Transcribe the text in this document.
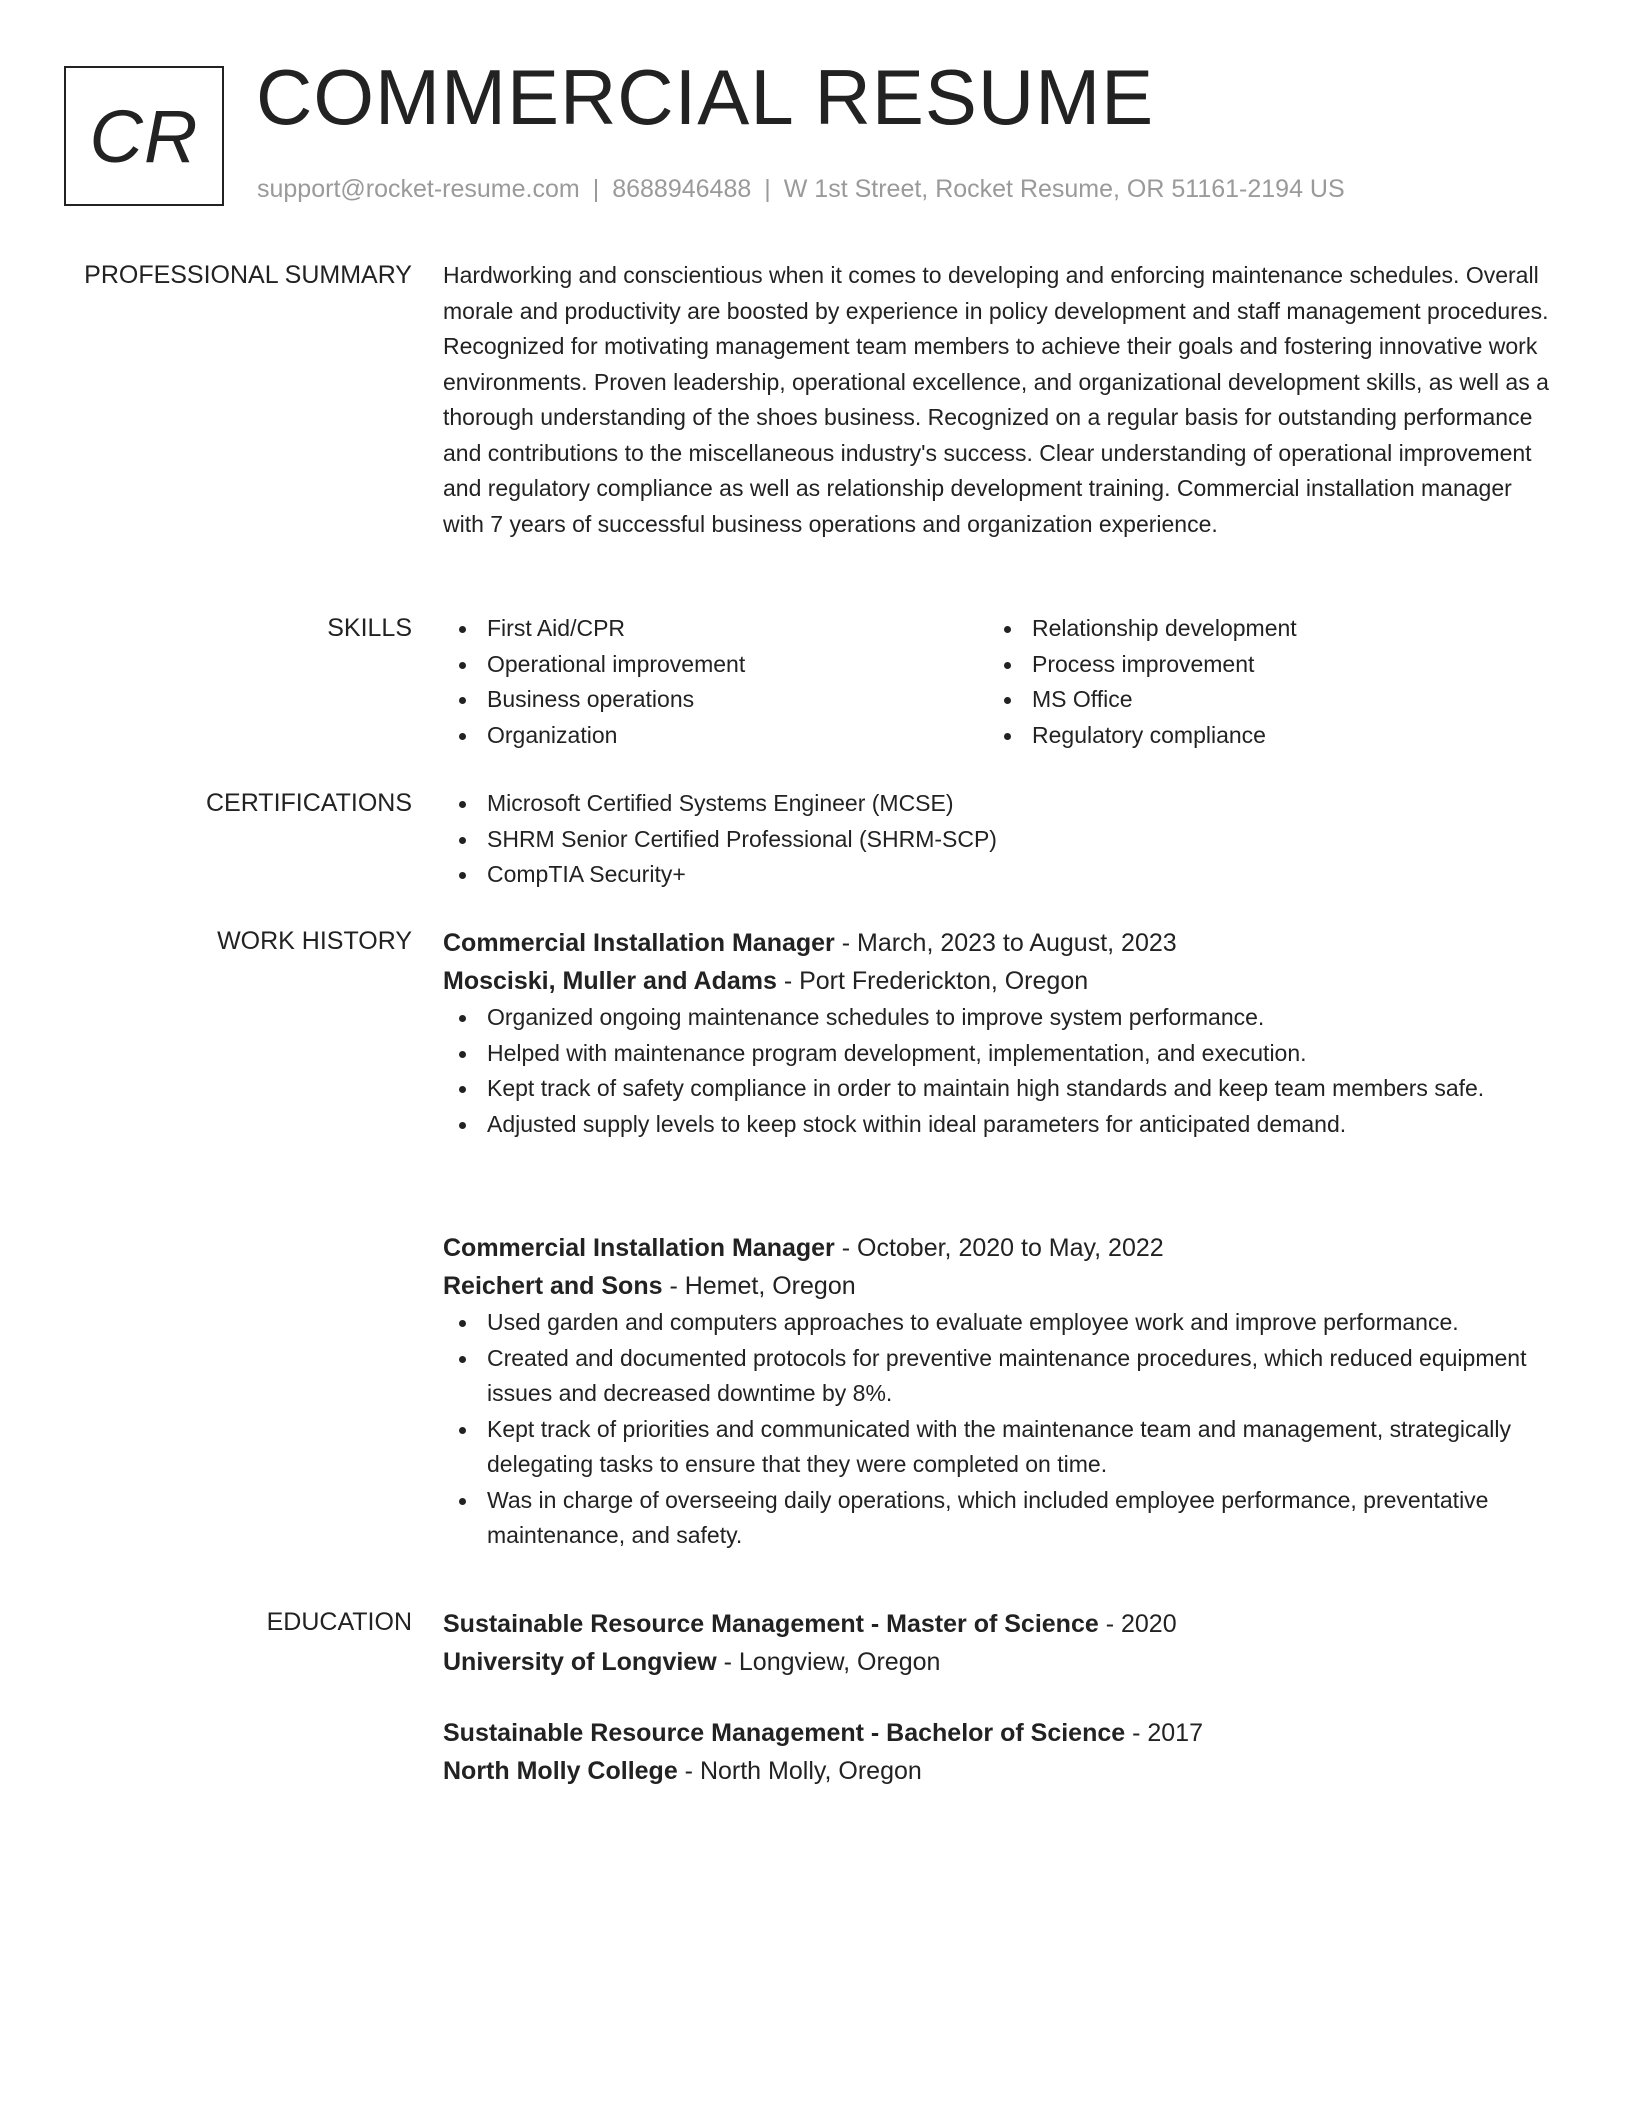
CR COMMERCIAL RESUME
support@rocket-resume.com | 8688946488 | W 1st Street, Rocket Resume, OR 51161-2194 US
PROFESSIONAL SUMMARY Hardworking and conscientious when it comes to developing and enforcing maintenance schedules. Overall morale and productivity are boosted by experience in policy development and staff management procedures. Recognized for motivating management team members to achieve their goals and fostering innovative work environments. Proven leadership, operational excellence, and organizational development skills, as well as a thorough understanding of the shoes business. Recognized on a regular basis for outstanding performance and contributions to the miscellaneous industry's success. Clear understanding of operational improvement and regulatory compliance as well as relationship development training. Commercial installation manager with 7 years of successful business operations and organization experience.

SKILLS	First Aid/CPR
Operational improvement
Business operations
Organization
Relationship development
Process improvement
MS Office
Regulatory compliance
CERTIFICATIONS	Microsoft Certified Systems Engineer (MCSE)
SHRM Senior Certified Professional (SHRM-SCP)
CompTIA Security+
WORK HISTORY Commercial Installation Manager - March, 2023 to August, 2023
Mosciski, Muller and Adams - Port Frederickton, Oregon
Organized ongoing maintenance schedules to improve system performance.
Helped with maintenance program development, implementation, and execution.
Kept track of safety compliance in order to maintain high standards and keep team members safe.
Adjusted supply levels to keep stock within ideal parameters for anticipated demand.
Commercial Installation Manager - October, 2020 to May, 2022
Reichert and Sons - Hemet, Oregon
Used garden and computers approaches to evaluate employee work and improve performance.
Created and documented protocols for preventive maintenance procedures, which reduced equipment issues and decreased downtime by 8%.
Kept track of priorities and communicated with the maintenance team and management, strategically delegating tasks to ensure that they were completed on time.
Was in charge of overseeing daily operations, which included employee performance, preventative maintenance, and safety.
EDUCATION Sustainable Resource Management - Master of Science - 2020
University of Longview - Longview, Oregon
Sustainable Resource Management - Bachelor of Science - 2017
North Molly College - North Molly, Oregon
